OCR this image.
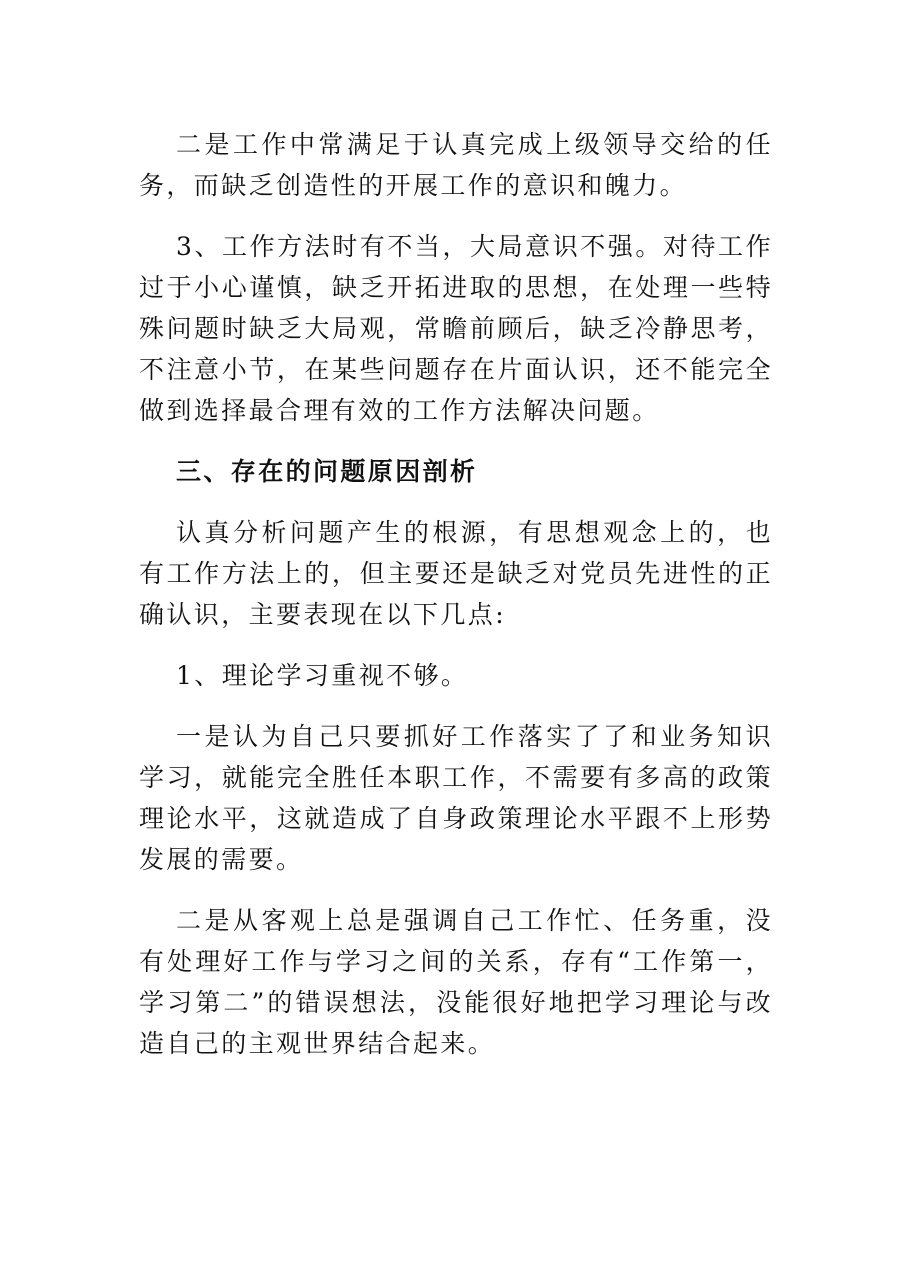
二是工作中常满足于认真完成上级领导交给的任务，而缺乏创造性的开展工作的意识和魄力。

3、工作方法时有不当，大局意识不强。对待工作过于小心谨慎，缺乏开拓进取的思想，在处理一些特殊问题时缺乏大局观，常瞻前顾后，缺乏冷静思考，不注意小节，在某些问题存在片面认识，还不能完全做到选择最合理有效的工作方法解决问题。

三、存在的问题原因剖析

认真分析问题产生的根源，有思想观念上的，也有工作方法上的，但主要还是缺乏对党员先进性的正确认识，主要表现在以下几点:

1、理论学习重视不够。

一是认为自己只要抓好工作落实了了和业务知识学习，就能完全胜任本职工作，不需要有多高的政策理论水平，这就造成了自身政策理论水平跟不上形势发展的需要。

二是从客观上总是强调自己工作忙、任务重，没有处理好工作与学习之间的关系，存有“工作第一，学习第二”的错误想法，没能很好地把学习理论与改造自己的主观世界结合起来。
